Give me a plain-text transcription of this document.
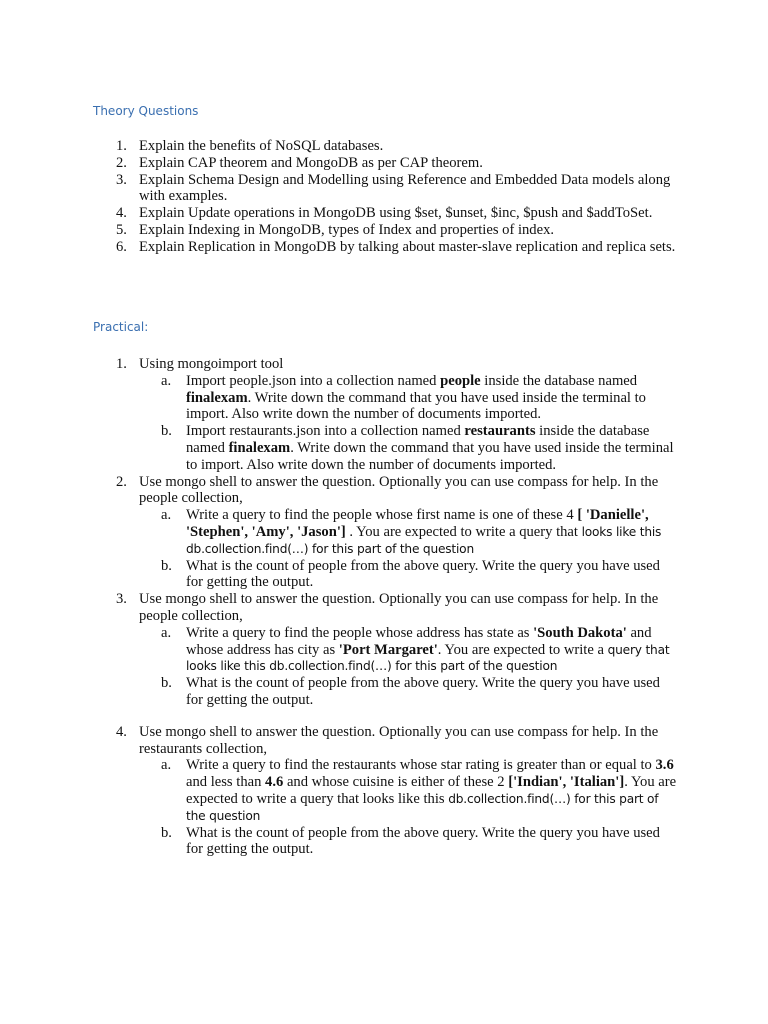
Theory Questions
1. Explain the benefits of NoSQL databases.
2. Explain CAP theorem and MongoDB as per CAP theorem.
3. Explain Schema Design and Modelling using Reference and Embedded Data models along with examples.
4. Explain Update operations in MongoDB using $set, $unset, $inc, $push and $addToSet.
5. Explain Indexing in MongoDB, types of Index and properties of index.
6. Explain Replication in MongoDB by talking about master-slave replication and replica sets.
Practical:
1. Using mongoimport tool
a. Import people.json into a collection named people inside the database named finalexam. Write down the command that you have used inside the terminal to import. Also write down the number of documents imported.
b. Import restaurants.json into a collection named restaurants inside the database named finalexam. Write down the command that you have used inside the terminal to import. Also write down the number of documents imported.
2. Use mongo shell to answer the question. Optionally you can use compass for help. In the people collection,
a. Write a query to find the people whose first name is one of these 4 [ 'Danielle', 'Stephen', 'Amy', 'Jason'] . You are expected to write a query that looks like this db.collection.find(…) for this part of the question
b. What is the count of people from the above query. Write the query you have used for getting the output.
3. Use mongo shell to answer the question. Optionally you can use compass for help. In the people collection,
a. Write a query to find the people whose address has state as 'South Dakota' and whose address has city as 'Port Margaret'. You are expected to write a query that looks like this db.collection.find(…) for this part of the question
b. What is the count of people from the above query. Write the query you have used for getting the output.
4. Use mongo shell to answer the question. Optionally you can use compass for help. In the restaurants collection,
a. Write a query to find the restaurants whose star rating is greater than or equal to 3.6 and less than 4.6 and whose cuisine is either of these 2 ['Indian', 'Italian']. You are expected to write a query that looks like this db.collection.find(…) for this part of the question
b. What is the count of people from the above query. Write the query you have used for getting the output.
